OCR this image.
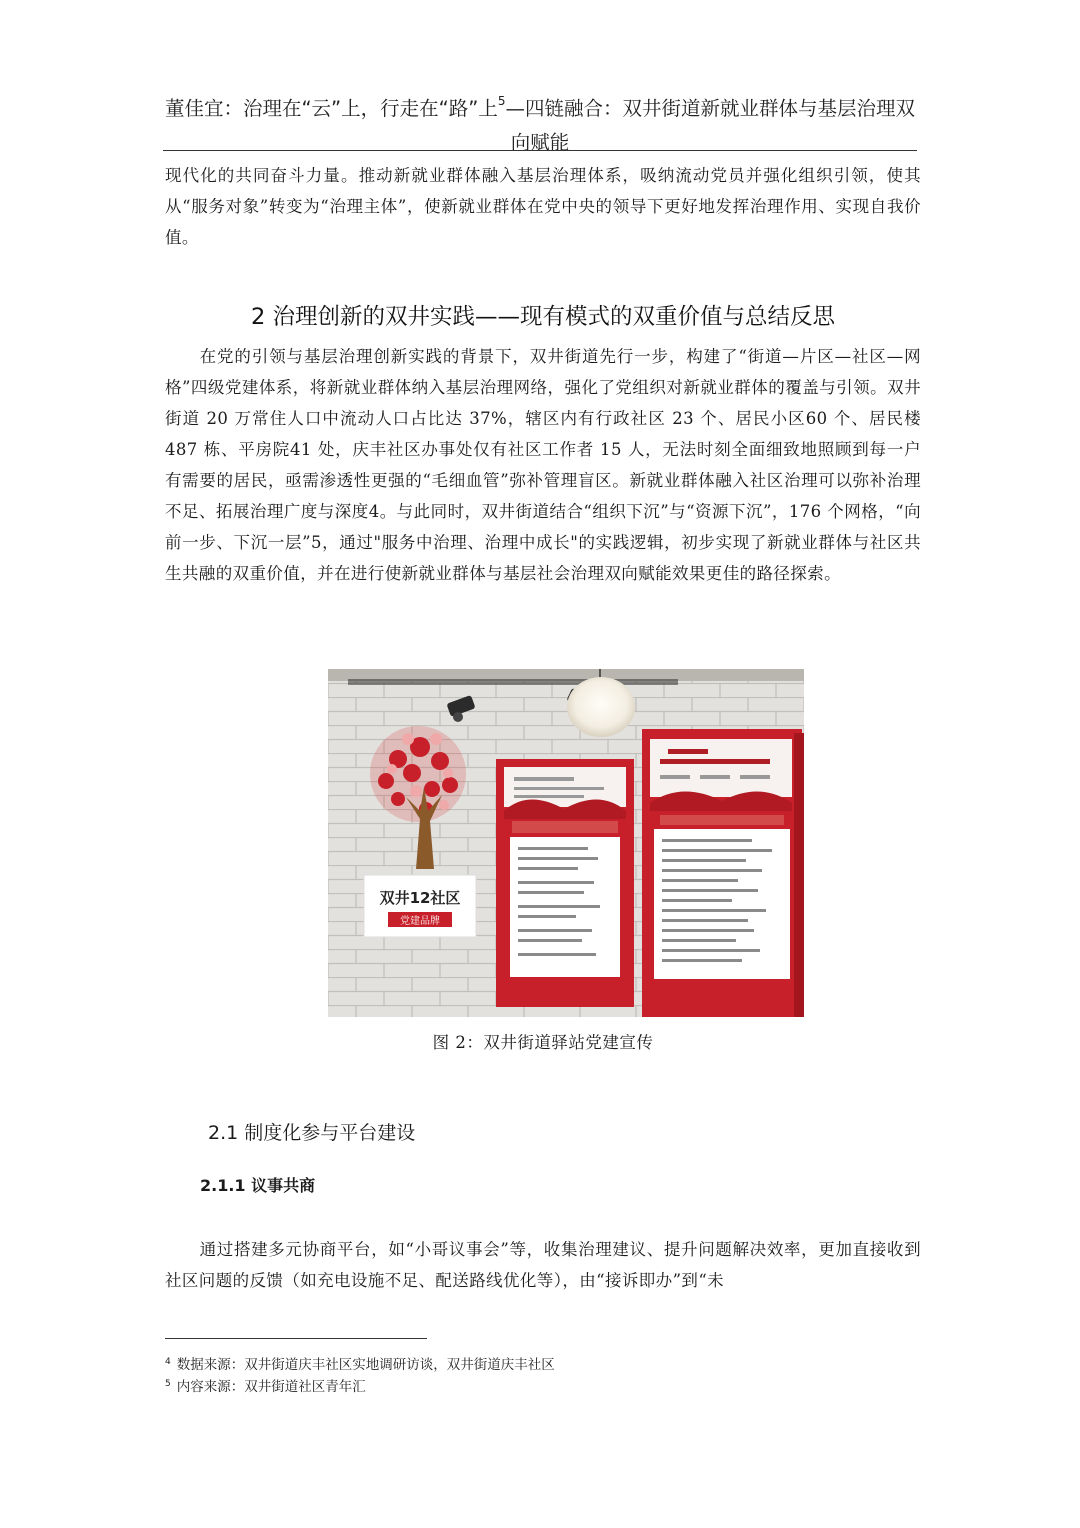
董佳宜：治理在“云”上，行走在“路”上$^5$—四链融合：双井街道新就业群体与基层治理双向赋能

现代化的共同奋斗力量。推动新就业群体融入基层治理体系，吸纳流动党员并强化组织引领，使其从“服务对象”转变为“治理主体”，使新就业群体在党中央的领导下更好地发挥治理作用、实现自我价值。

2 治理创新的双井实践——现有模式的双重价值与总结反思

在党的引领与基层治理创新实践的背景下，双井街道先行一步，构建了“街道—片区—社区—网格”四级党建体系，将新就业群体纳入基层治理网络，强化了党组织对新就业群体的覆盖与引领。双井街道 20 万常住人口中流动人口占比达 37%，辖区内有行政社区 23 个、居民小区60 个、居民楼 487 栋、平房院41 处，庆丰社区办事处仅有社区工作者 15 人，无法时刻全面细致地照顾到每一户有需要的居民，亟需渗透性更强的“毛细血管”弥补管理盲区。新就业群体融入社区治理可以弥补治理不足、拓展治理广度与深度4。与此同时，双井街道结合“组织下沉”与“资源下沉”，176 个网格，“向前一步、下沉一层”5，通过"服务中治理、治理中成长"的实践逻辑，初步实现了新就业群体与社区共生共融的双重价值，并在进行使新就业群体与基层社会治理双向赋能效果更佳的路径探索。

双井12社区
党建品牌
图 2：双井街道驿站党建宣传
2.1 制度化参与平台建设
2.1.1 议事共商

通过搭建多元协商平台，如“小哥议事会”等，收集治理建议、提升问题解决效率，更加直接收到社区问题的反馈（如充电设施不足、配送路线优化等），由“接诉即办”到“未

$^4$ 数据来源：双井街道庆丰社区实地调研访谈，双井街道庆丰社区
$^5$ 内容来源：双井街道社区青年汇
